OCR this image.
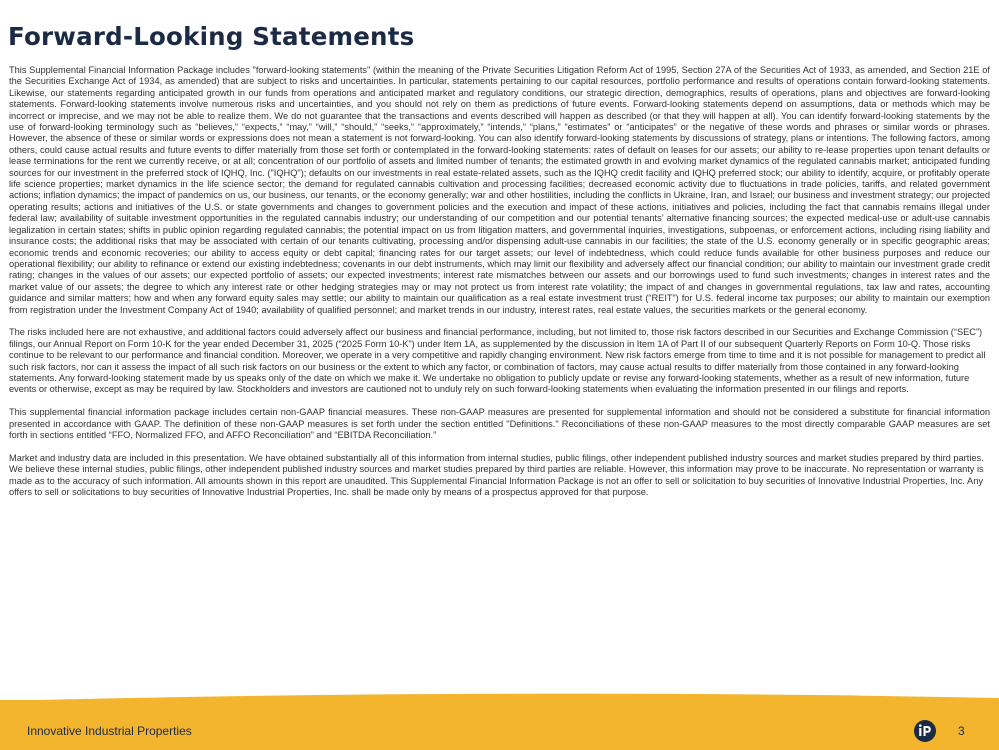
Forward-Looking Statements

This Supplemental Financial Information Package includes "forward-looking statements" (within the meaning of the Private Securities Litigation Reform Act of 1995, Section 27A of the Securities Act of 1933, as amended, and Section 21E of the Securities Exchange Act of 1934, as amended) that are subject to risks and uncertainties. In particular, statements pertaining to our capital resources, portfolio performance and results of operations contain forward-looking statements. Likewise, our statements regarding anticipated growth in our funds from operations and anticipated market and regulatory conditions, our strategic direction, demographics, results of operations, plans and objectives are forward-looking statements. Forward-looking statements involve numerous risks and uncertainties, and you should not rely on them as predictions of future events. Forward-looking statements depend on assumptions, data or methods which may be incorrect or imprecise, and we may not be able to realize them. We do not guarantee that the transactions and events described will happen as described (or that they will happen at all). You can identify forward-looking statements by the use of forward-looking terminology such as “believes,” “expects,” “may,” “will,” “should,” “seeks,” “approximately,” “intends,” “plans,” “estimates” or “anticipates” or the negative of these words and phrases or similar words or phrases. However, the absence of these or similar words or expressions does not mean a statement is not forward-looking. You can also identify forward-looking statements by discussions of strategy, plans or intentions. The following factors, among others, could cause actual results and future events to differ materially from those set forth or contemplated in the forward-looking statements: rates of default on leases for our assets; our ability to re-lease properties upon tenant defaults or lease terminations for the rent we currently receive, or at all; concentration of our portfolio of assets and limited number of tenants; the estimated growth in and evolving market dynamics of the regulated cannabis market; anticipated funding sources for our investment in the preferred stock of IQHQ, Inc. ("IQHQ"); defaults on our investments in real estate-related assets, such as the IQHQ credit facility and IQHQ preferred stock; our ability to identify, acquire, or profitably operate life science properties; market dynamics in the life science sector; the demand for regulated cannabis cultivation and processing facilities; decreased economic activity due to fluctuations in trade policies, tariffs, and related government actions; inflation dynamics; the impact of pandemics on us, our business, our tenants, or the economy generally; war and other hostilities, including the conflicts in Ukraine, Iran, and Israel; our business and investment strategy; our projected operating results; actions and initiatives of the U.S. or state governments and changes to government policies and the execution and impact of these actions, initiatives and policies, including the fact that cannabis remains illegal under federal law; availability of suitable investment opportunities in the regulated cannabis industry; our understanding of our competition and our potential tenants’ alternative financing sources; the expected medical-use or adult-use cannabis legalization in certain states; shifts in public opinion regarding regulated cannabis; the potential impact on us from litigation matters, and governmental inquiries, investigations, subpoenas, or enforcement actions, including rising liability and insurance costs; the additional risks that may be associated with certain of our tenants cultivating, processing and/or dispensing adult-use cannabis in our facilities; the state of the U.S. economy generally or in specific geographic areas; economic trends and economic recoveries; our ability to access equity or debt capital; financing rates for our target assets; our level of indebtedness, which could reduce funds available for other business purposes and reduce our operational flexibility; our ability to refinance or extend our existing indebtedness; covenants in our debt instruments, which may limit our flexibility and adversely affect our financial condition; our ability to maintain our investment grade credit rating; changes in the values of our assets; our expected portfolio of assets; our expected investments; interest rate mismatches between our assets and our borrowings used to fund such investments; changes in interest rates and the market value of our assets; the degree to which any interest rate or other hedging strategies may or may not protect us from interest rate volatility; the impact of and changes in governmental regulations, tax law and rates, accounting guidance and similar matters; how and when any forward equity sales may settle; our ability to maintain our qualification as a real estate investment trust (“REIT”) for U.S. federal income tax purposes; our ability to maintain our exemption from registration under the Investment Company Act of 1940; availability of qualified personnel; and market trends in our industry, interest rates, real estate values, the securities markets or the general economy.

The risks included here are not exhaustive, and additional factors could adversely affect our business and financial performance, including, but not limited to, those risk factors described in our Securities and Exchange Commission (“SEC”) filings, our Annual Report on Form 10-K for the year ended December 31, 2025 (“2025 Form 10-K”) under Item 1A, as supplemented by the discussion in Item 1A of Part II of our subsequent Quarterly Reports on Form 10-Q. Those risks continue to be relevant to our performance and financial condition. Moreover, we operate in a very competitive and rapidly changing environment. New risk factors emerge from time to time and it is not possible for management to predict all such risk factors, nor can it assess the impact of all such risk factors on our business or the extent to which any factor, or combination of factors, may cause actual results to differ materially from those contained in any forward-looking statements. Any forward-looking statement made by us speaks only of the date on which we make it. We undertake no obligation to publicly update or revise any forward-looking statements, whether as a result of new information, future events or otherwise, except as may be required by law. Stockholders and investors are cautioned not to unduly rely on such forward-looking statements when evaluating the information presented in our filings and reports.

This supplemental financial information package includes certain non-GAAP financial measures. These non-GAAP measures are presented for supplemental information and should not be considered a substitute for financial information presented in accordance with GAAP. The definition of these non-GAAP measures is set forth under the section entitled "Definitions." Reconciliations of these non-GAAP measures to the most directly comparable GAAP measures are set forth in sections entitled “FFO, Normalized FFO, and AFFO Reconciliation” and “EBITDA Reconciliation.”

Market and industry data are included in this presentation. We have obtained substantially all of this information from internal studies, public filings, other independent published industry sources and market studies prepared by third parties. We believe these internal studies, public filings, other independent published industry sources and market studies prepared by third parties are reliable. However, this information may prove to be inaccurate. No representation or warranty is made as to the accuracy of such information. All amounts shown in this report are unaudited. This Supplemental Financial Information Package is not an offer to sell or solicitation to buy securities of Innovative Industrial Properties, Inc. Any offers to sell or solicitations to buy securities of Innovative Industrial Properties, Inc. shall be made only by means of a prospectus approved for that purpose.

Innovative Industrial Properties	3
